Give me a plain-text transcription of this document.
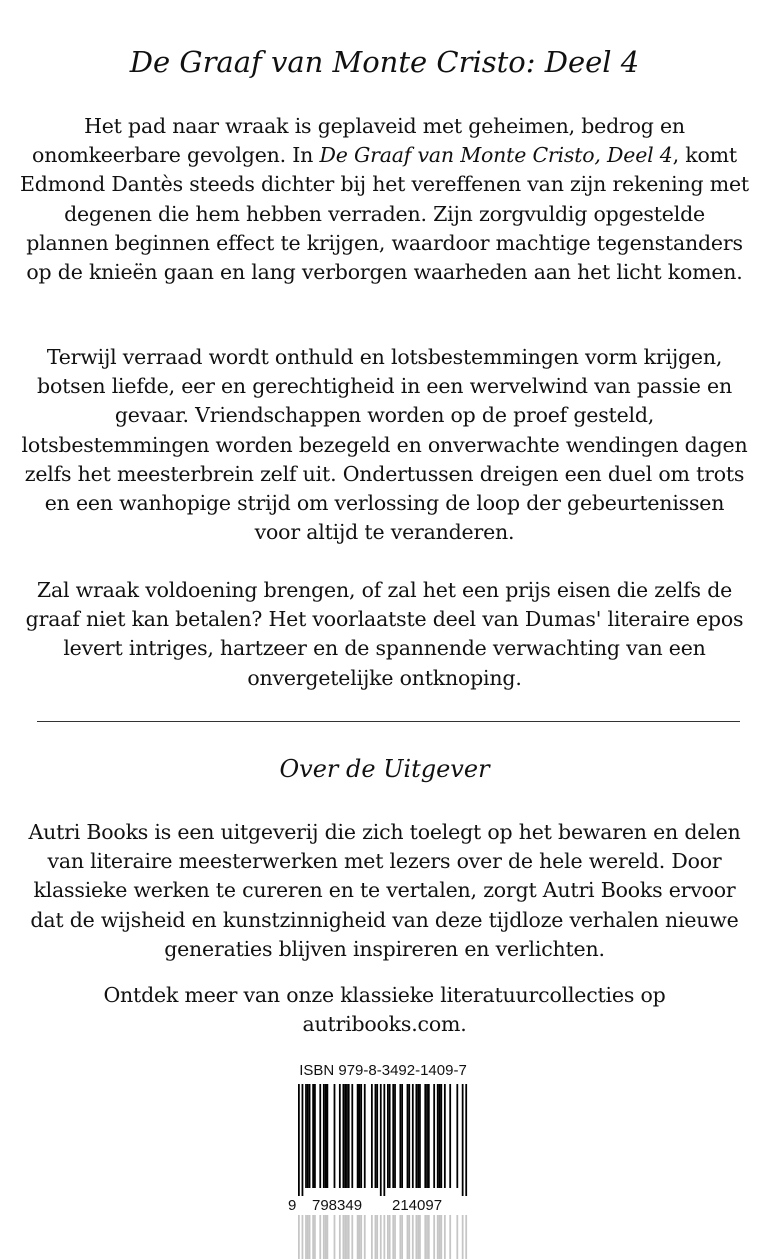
De Graaf van Monte Cristo: Deel 4

Het pad naar wraak is geplaveid met geheimen, bedrog en onomkeerbare gevolgen. In De Graaf van Monte Cristo, Deel 4, komt Edmond Dantès steeds dichter bij het vereffenen van zijn rekening met degenen die hem hebben verraden. Zijn zorgvuldig opgestelde plannen beginnen effect te krijgen, waardoor machtige tegenstanders op de knieën gaan en lang verborgen waarheden aan het licht komen.

Terwijl verraad wordt onthuld en lotsbestemmingen vorm krijgen, botsen liefde, eer en gerechtigheid in een wervelwind van passie en gevaar. Vriendschappen worden op de proef gesteld, lotsbestemmingen worden bezegeld en onverwachte wendingen dagen zelfs het meesterbrein zelf uit. Ondertussen dreigen een duel om trots en een wanhopige strijd om verlossing de loop der gebeurtenissen voor altijd te veranderen.

Zal wraak voldoening brengen, of zal het een prijs eisen die zelfs de graaf niet kan betalen? Het voorlaatste deel van Dumas' literaire epos levert intriges, hartzeer en de spannende verwachting van een onvergetelijke ontknoping.

Over de Uitgever

Autri Books is een uitgeverij die zich toelegt op het bewaren en delen van literaire meesterwerken met lezers over de hele wereld. Door klassieke werken te cureren en te vertalen, zorgt Autri Books ervoor dat de wijsheid en kunstzinnigheid van deze tijdloze verhalen nieuwe generaties blijven inspireren en verlichten.

Ontdek meer van onze klassieke literatuurcollecties op autribooks.com.

ISBN 979-8-3492-1409-7
9 798349 214097
